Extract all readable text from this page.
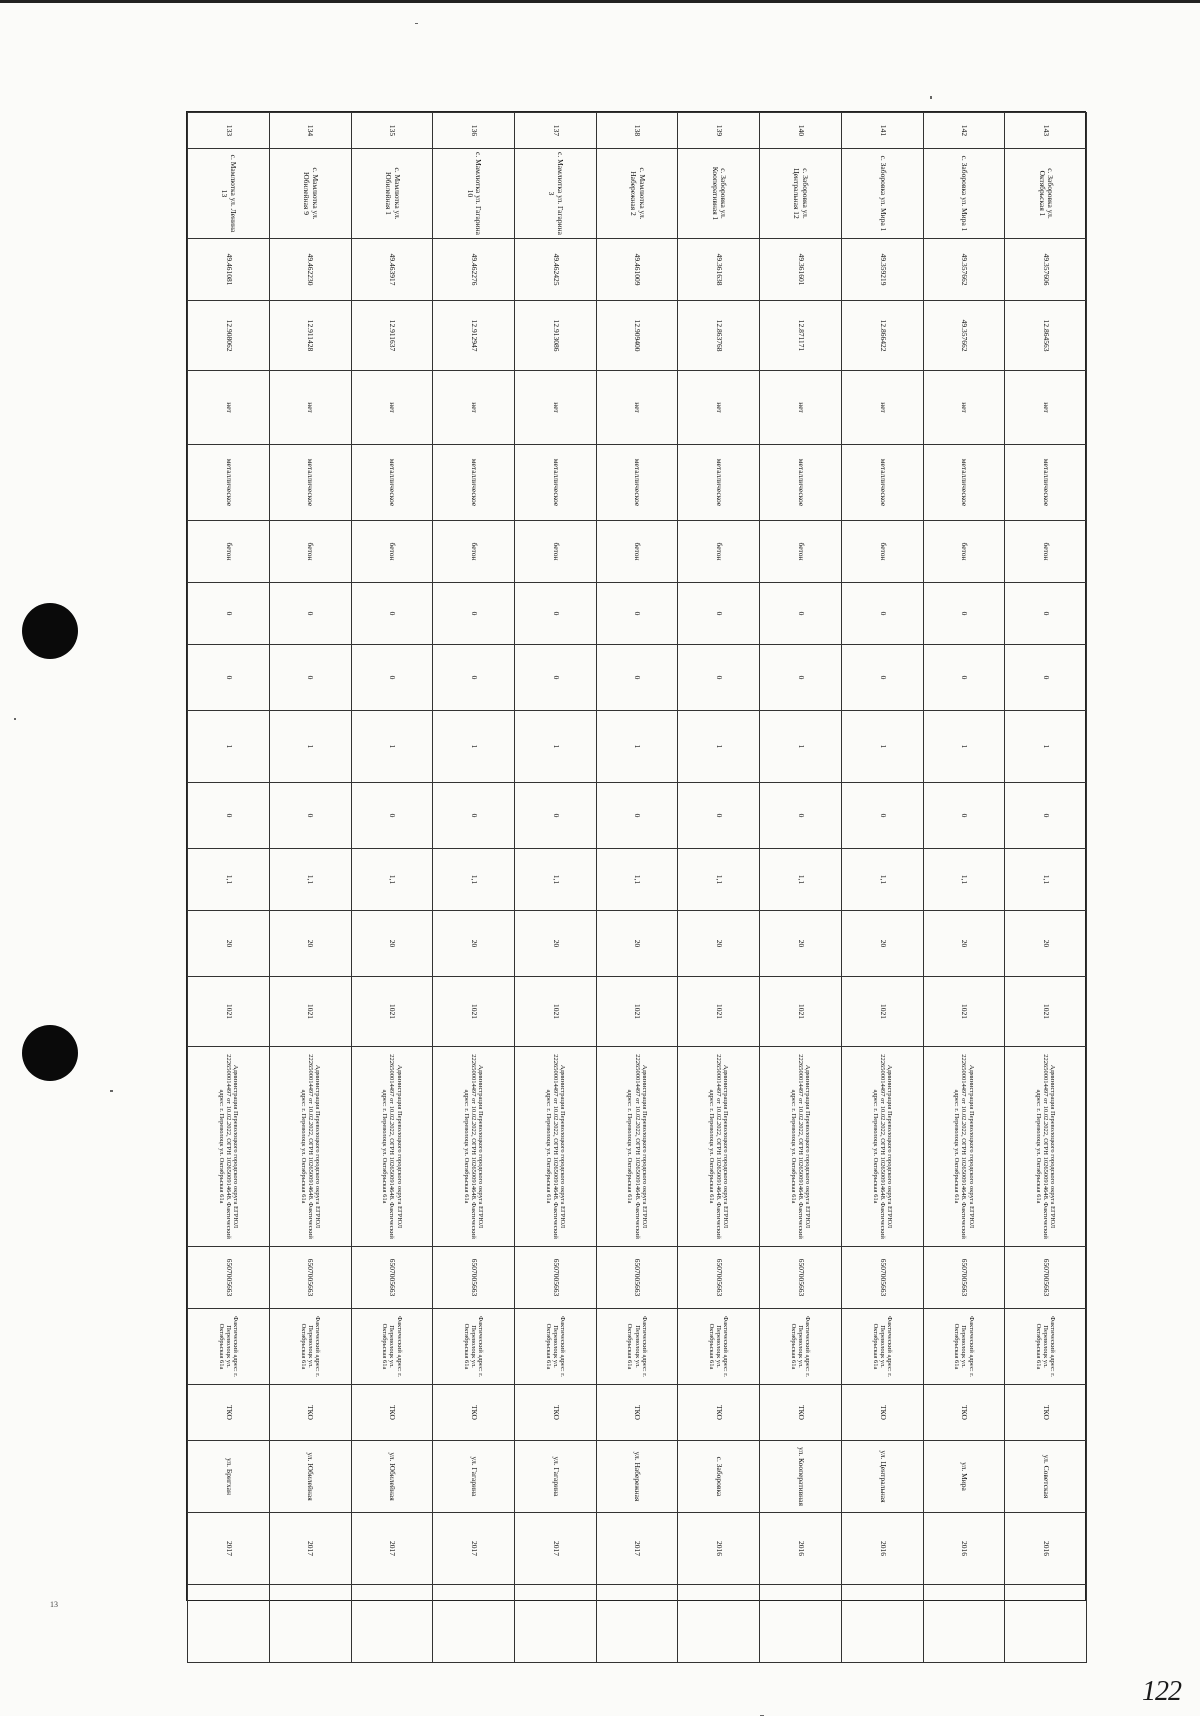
143	с. Заборовка ул. Октябрьская 1	49.357606	12.864563	нет	металлическое	бетон	0	0	1	0	1,1	20	1021	Администрация Переволоцкого городского округа ЕГРЮЛ 2226500014497 от 10.02.2022, ОГРН 1026500914648. Фактический адрес: г. Переволоцк ул. Октябрьская 61а	6507005663	Фактический адрес: г. Переволоцк ул. Октябрьская 61а	ТКО	ул. Советская	2016	
142	с. Заборовка ул. Мира 1	49.357662	49.357662	нет	металлическое	бетон	0	0	1	0	1,1	20	1021	Администрация Переволоцкого городского округа ЕГРЮЛ 2226500014497 от 10.02.2022, ОГРН 1026500914648. Фактический адрес: г. Переволоцк ул. Октябрьская 61а	6507005663	Фактический адрес: г. Переволоцк ул. Октябрьская 61а	ТКО	ул. Мира	2016	
141	с. Заборовка ул. Мира 1	49.359219	12.866422	нет	металлическое	бетон	0	0	1	0	1,1	20	1021	Администрация Переволоцкого городского округа ЕГРЮЛ 2226500014497 от 10.02.2022, ОГРН 1026500914648. Фактический адрес: г. Переволоцк ул. Октябрьская 61а	6507005663	Фактический адрес: г. Переволоцк ул. Октябрьская 61а	ТКО	ул. Центральная	2016	
140	с. Заборовка ул. Центральная 12	49.361601	12.871171	нет	металлическое	бетон	0	0	1	0	1,1	20	1021	Администрация Переволоцкого городского округа ЕГРЮЛ 2226500014497 от 10.02.2022, ОГРН 1026500914648. Фактический адрес: г. Переволоцк ул. Октябрьская 61а	6507005663	Фактический адрес: г. Переволоцк ул. Октябрьская 61а	ТКО	ул. Кооперативная	2016	
139	с. Заборовка ул. Кооперативная 1	49.361638	12.863768	нет	металлическое	бетон	0	0	1	0	1,1	20	1021	Администрация Переволоцкого городского округа ЕГРЮЛ 2226500014497 от 10.02.2022, ОГРН 1026500914648. Фактический адрес: г. Переволоцк ул. Октябрьская 61а	6507005663	Фактический адрес: г. Переволоцк ул. Октябрьская 61а	ТКО	с. Заборовка	2016	
138	с. Мамлютка ул. Набережная 2	49.461009	12.909400	нет	металлическое	бетон	0	0	1	0	1,1	20	1021	Администрация Переволоцкого городского округа ЕГРЮЛ 2226500014497 от 10.02.2022, ОГРН 1026500914648. Фактический адрес: г. Переволоцк ул. Октябрьская 61а	6507005663	Фактический адрес: г. Переволоцк ул. Октябрьская 61а	ТКО	ул. Набережная	2017	
137	с. Мамлютка ул. Гагарина 3	49.462425	12.913086	нет	металлическое	бетон	0	0	1	0	1,1	20	1021	Администрация Переволоцкого городского округа ЕГРЮЛ 2226500014497 от 10.02.2022, ОГРН 1026500914648. Фактический адрес: г. Переволоцк ул. Октябрьская 61а	6507005663	Фактический адрес: г. Переволоцк ул. Октябрьская 61а	ТКО	ул. Гагарина	2017	
136	с. Мамлютка ул. Гагарина 10	49.462276	12.912947	нет	металлическое	бетон	0	0	1	0	1,1	20	1021	Администрация Переволоцкого городского округа ЕГРЮЛ 2226500014497 от 10.02.2022, ОГРН 1026500914648. Фактический адрес: г. Переволоцк ул. Октябрьская 61а	6507005663	Фактический адрес: г. Переволоцк ул. Октябрьская 61а	ТКО	ул. Гагарина	2017	
135	с. Мамлютка ул. Юбилейная 1	49.463917	12.911637	нет	металлическое	бетон	0	0	1	0	1,1	20	1021	Администрация Переволоцкого городского округа ЕГРЮЛ 2226500014497 от 10.02.2022, ОГРН 1026500914648. Фактический адрес: г. Переволоцк ул. Октябрьская 61а	6507005663	Фактический адрес: г. Переволоцк ул. Октябрьская 61а	ТКО	ул. Юбилейная	2017	
134	с. Мамлютка ул. Юбилейная 9	49.462230	12.911428	нет	металлическое	бетон	0	0	1	0	1,1	20	1021	Администрация Переволоцкого городского округа ЕГРЮЛ 2226500014497 от 10.02.2022, ОГРН 1026500914648. Фактический адрес: г. Переволоцк ул. Октябрьская 61а	6507005663	Фактический адрес: г. Переволоцк ул. Октябрьская 61а	ТКО	ул. Юбилейная	2017	
133	с. Мамлютка ул. Ленина 13	49.461081	12.908062	нет	металлическое	бетон	0	0	1	0	1,1	20	1021	Администрация Переволоцкого городского округа ЕГРЮЛ 2226500014497 от 10.02.2022, ОГРН 1026500914648. Фактический адрес: г. Переволоцк ул. Октябрьская 61а	6507005663	Фактический адрес: г. Переволоцк ул. Октябрьская 61а	ТКО	ул. Бригхан	2017	
122
13
